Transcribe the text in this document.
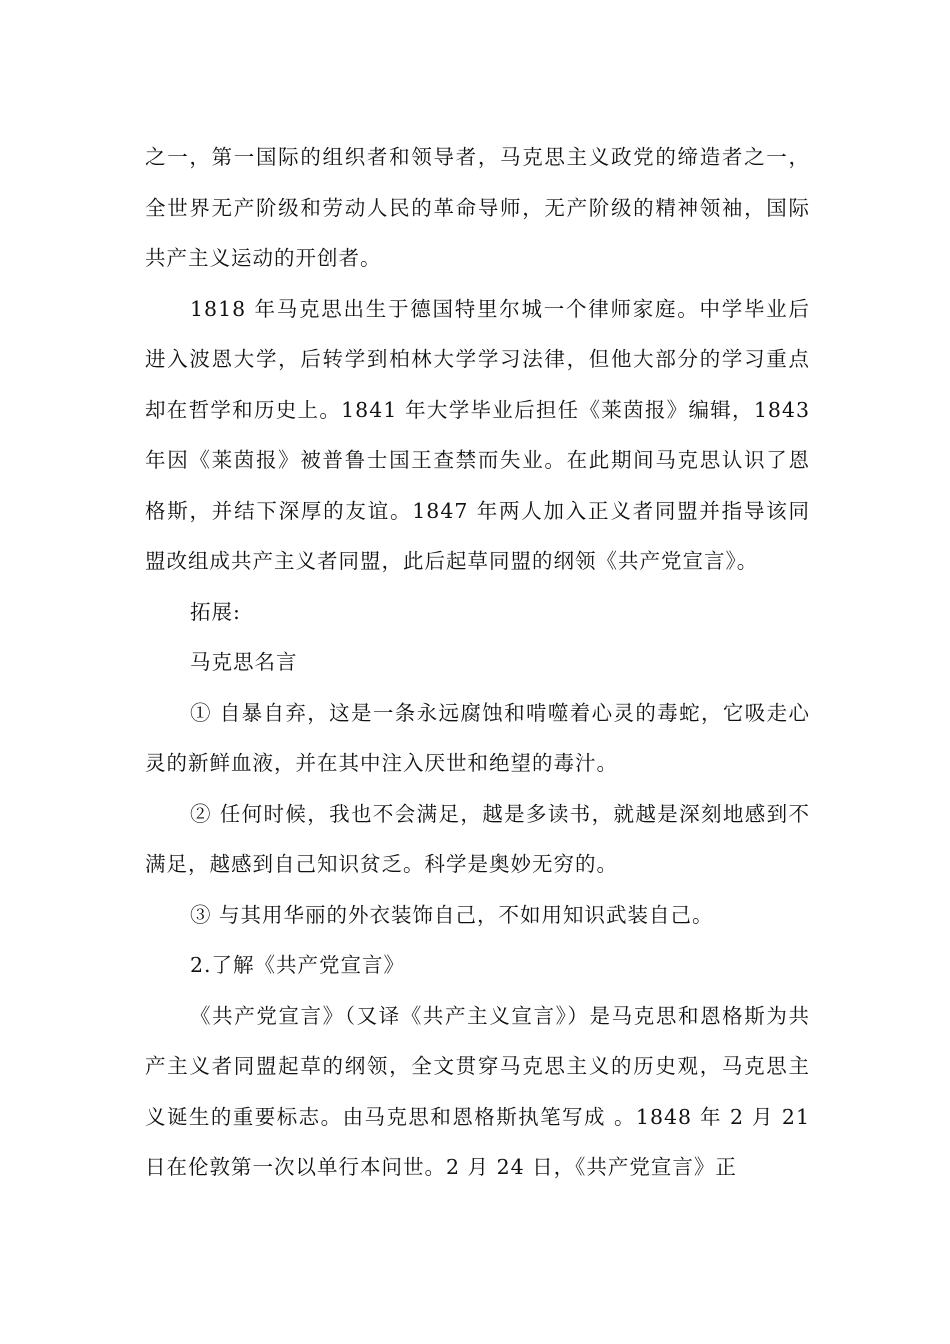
之一，第一国际的组织者和领导者，马克思主义政党的缔造者之一，全世界无产阶级和劳动人民的革命导师，无产阶级的精神领袖，国际共产主义运动的开创者。

1818 年马克思出生于德国特里尔城一个律师家庭。中学毕业后进入波恩大学，后转学到柏林大学学习法律，但他大部分的学习重点却在哲学和历史上。1841 年大学毕业后担任《莱茵报》编辑，1843 年因《莱茵报》被普鲁士国王查禁而失业。在此期间马克思认识了恩格斯，并结下深厚的友谊。1847 年两人加入正义者同盟并指导该同盟改组成共产主义者同盟，此后起草同盟的纲领《共产党宣言》。

拓展:

马克思名言

① 自暴自弃，这是一条永远腐蚀和啃噬着心灵的毒蛇，它吸走心灵的新鲜血液，并在其中注入厌世和绝望的毒汁。

② 任何时候，我也不会满足，越是多读书，就越是深刻地感到不满足，越感到自己知识贫乏。科学是奥妙无穷的。

③ 与其用华丽的外衣装饰自己，不如用知识武装自己。

2.了解《共产党宣言》

《共产党宣言》（又译《共产主义宣言》）是马克思和恩格斯为共产主义者同盟起草的纲领，全文贯穿马克思主义的历史观，马克思主义诞生的重要标志。由马克思和恩格斯执笔写成 。1848 年 2 月 21 日在伦敦第一次以单行本问世。2 月 24 日，《共产党宣言》正
